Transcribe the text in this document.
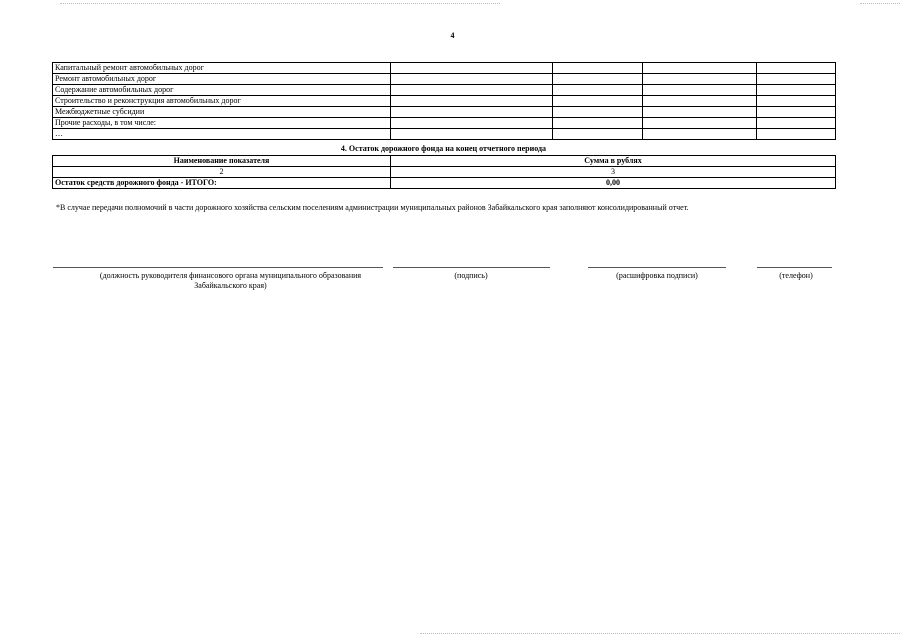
4
Капитальный ремонт автомобильных дорог				
Ремонт автомобильных дорог				
Содержание автомобильных дорог				
Строительство и реконструкция автомобильных дорог				
Межбюджетные субсидии				
Прочие расходы, в том числе:				
…				
4. Остаток дорожного фонда на конец отчетного периода
Наименование показателя	Сумма в рублях
2	3
Остаток средств дорожного фонда - ИТОГО:	0,00
*В случае передачи полномочий в части дорожного хозяйства сельским поселениям администрации муниципальных районов Забайкальского края заполняют консолидированный отчет.
(должность руководителя финансового органа муниципального образования
Забайкальского края)
(подпись)	(расшифровка подписи)	(телефон)
